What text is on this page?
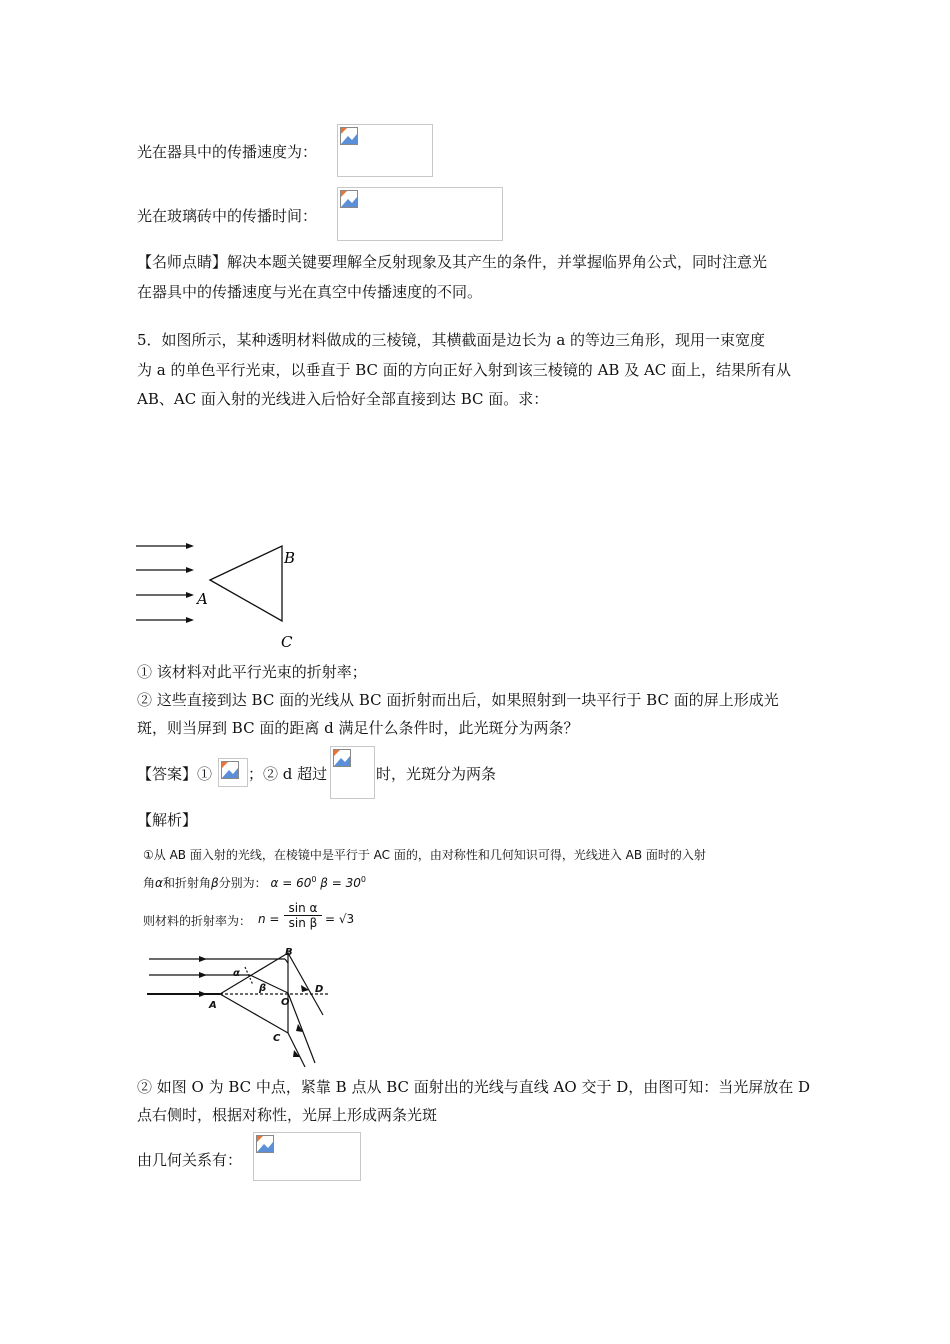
光在器具中的传播速度为：
光在玻璃砖中的传播时间：
【名师点睛】解决本题关键要理解全反射现象及其产生的条件，并掌握临界角公式，同时注意光
在器具中的传播速度与光在真空中传播速度的不同。
5．如图所示，某种透明材料做成的三棱镜，其横截面是边长为 a 的等边三角形，现用一束宽度
为 a 的单色平行光束，以垂直于 BC 面的方向正好入射到该三棱镜的 AB 及 AC 面上，结果所有从
AB、AC 面入射的光线进入后恰好全部直接到达 BC 面。求：
B
A
C
① 该材料对此平行光束的折射率；
② 这些直接到达 BC 面的光线从 BC 面折射而出后，如果照射到一块平行于 BC 面的屏上形成光
斑，则当屏到 BC 面的距离 d 满足什么条件时，此光斑分为两条？
【答案】① ；② d 超过	时，光斑分为两条
【解析】
①从 AB 面入射的光线，在棱镜中是平行于 AC 面的，由对称性和几何知识可得，光线进入 AB 面时的入射
角α和折射角β分别为： $\alpha = 60^0$ $\beta = 30^0$
则材料的折射率为： $n = \frac{\text{sin α}}{\text{sin β}} = √3$
B
A
C
O
D
α
β
② 如图 O 为 BC 中点，紧靠 B 点从 BC 面射出的光线与直线 AO 交于 D，由图可知：当光屏放在 D
点右侧时，根据对称性，光屏上形成两条光斑
由几何关系有：
